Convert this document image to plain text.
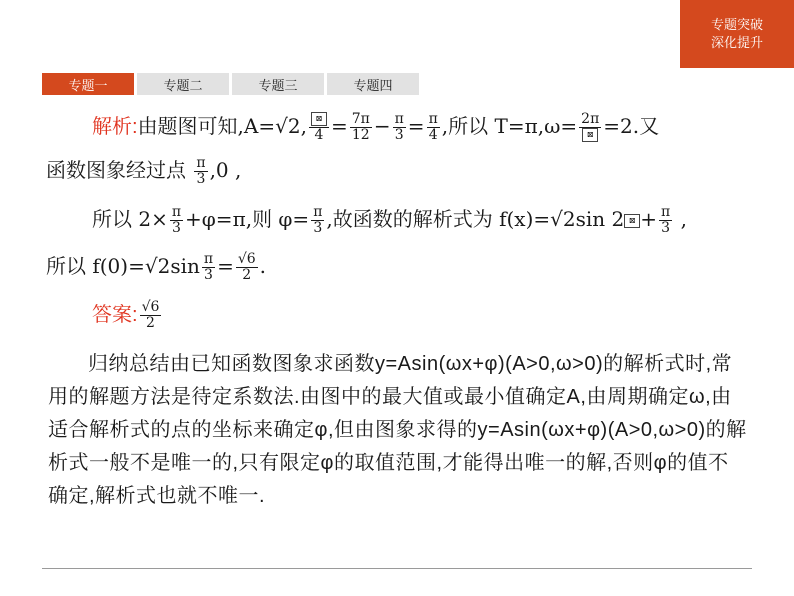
专题突破
深化提升
专题一	专题二	专题三	专题四
解析:由题图可知,A=√2, $\frac{⊠}{4} = \frac{7\pi}{12} - \frac{\pi}{3} = \frac{\pi}{4}$ ,所以 $T=\pi,\omega= \frac{2\pi}{⊠} =2$.又
函数图象经过点 $\frac{\pi}{3} ,0$ ,
所以 $2\times \frac{\pi}{3} +\varphi=\pi$,则 $\varphi= \frac{\pi}{3}$ ,故函数的解析式为 f(x)=√2sin 2 ⊠ + $\frac{\pi}{3}$ ,
所以 $f(0)=√2\sin \frac{\pi}{3} = \frac{√6}{2}$ .
答案: $\frac{√6}{2}$
归纳总结由已知函数图象求函数y=Asin(ωx+φ)(A>0,ω>0)的解析式时,常用的解题方法是待定系数法.由图中的最大值或最小值确定A,由周期确定ω,由适合解析式的点的坐标来确定φ,但由图象求得的y=Asin(ωx+φ)(A>0,ω>0)的解析式一般不是唯一的,只有限定φ的取值范围,才能得出唯一的解,否则φ的值不确定,解析式也就不唯一.
